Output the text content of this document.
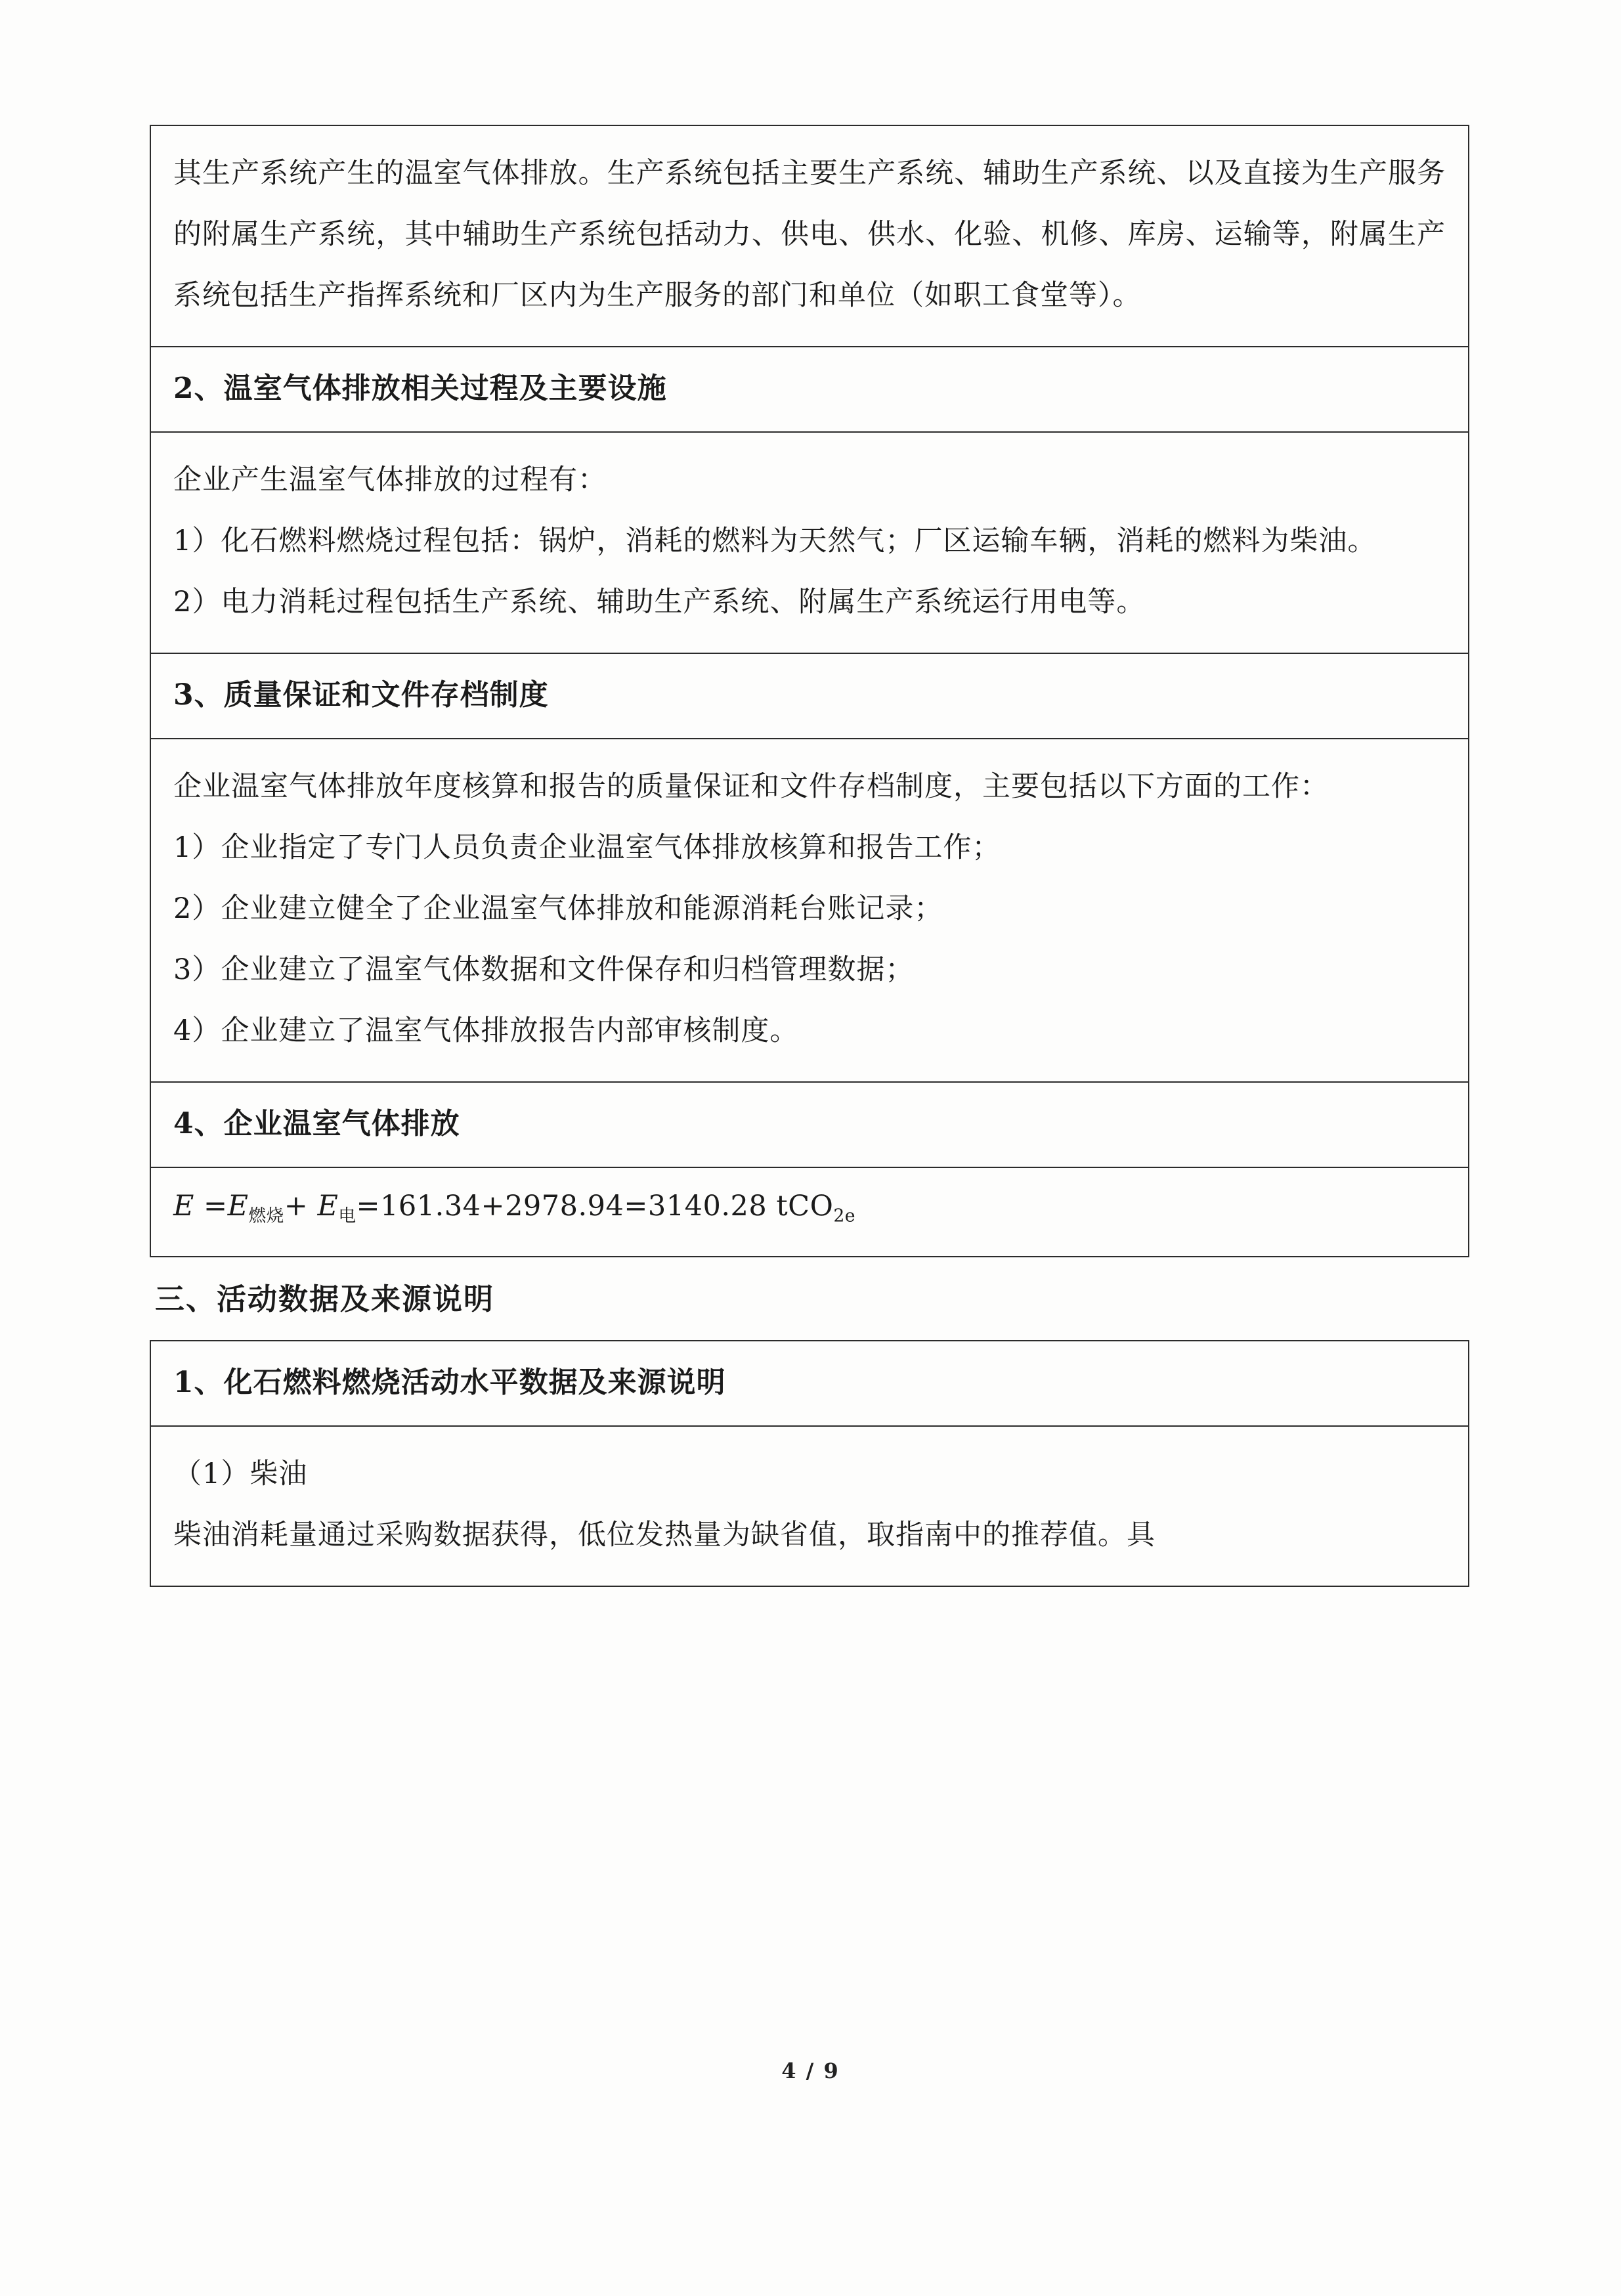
其生产系统产生的温室气体排放。生产系统包括主要生产系统、辅助生产系统、以及直接为生产服务的附属生产系统，其中辅助生产系统包括动力、供电、供水、化验、机修、库房、运输等，附属生产系统包括生产指挥系统和厂区内为生产服务的部门和单位（如职工食堂等）。

2、温室气体排放相关过程及主要设施

企业产生温室气体排放的过程有：

1）化石燃料燃烧过程包括：锅炉，消耗的燃料为天然气；厂区运输车辆，消耗的燃料为柴油。

2）电力消耗过程包括生产系统、辅助生产系统、附属生产系统运行用电等。

3、质量保证和文件存档制度

企业温室气体排放年度核算和报告的质量保证和文件存档制度，主要包括以下方面的工作：

1）企业指定了专门人员负责企业温室气体排放核算和报告工作；

2）企业建立健全了企业温室气体排放和能源消耗台账记录；

3）企业建立了温室气体数据和文件保存和归档管理数据；

4）企业建立了温室气体排放报告内部审核制度。

4、企业温室气体排放

$E =E_{燃烧}+ E_电=161.34+2978.94=3140.28$ tCO$_{2e}$

三、活动数据及来源说明

1、化石燃料燃烧活动水平数据及来源说明

（1）柴油

柴油消耗量通过采购数据获得，低位发热量为缺省值，取指南中的推荐值。具

4 / 9
